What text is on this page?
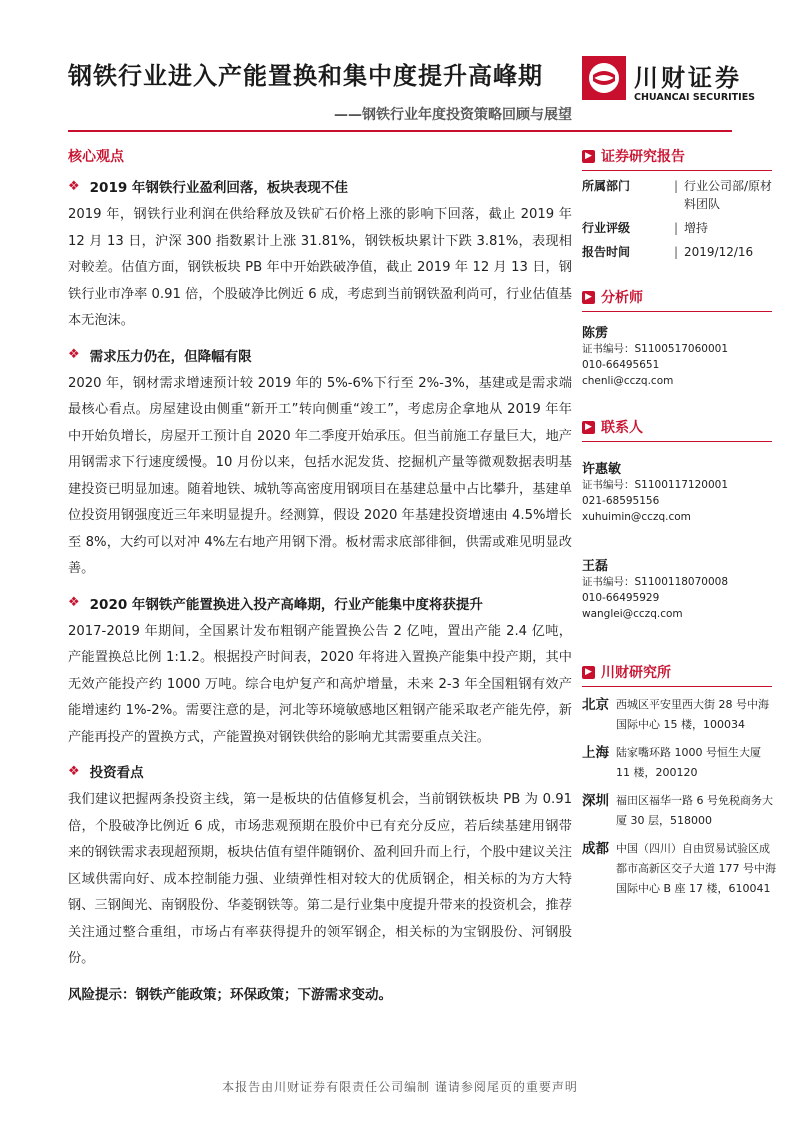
钢铁行业进入产能置换和集中度提升高峰期
——钢铁行业年度投资策略回顾与展望
川财证券
CHUANCAI SECURITIES
核心观点
❖ 2019 年钢铁行业盈利回落，板块表现不佳

2019 年，钢铁行业利润在供给释放及铁矿石价格上涨的影响下回落，截止 2019 年 12 月 13 日，沪深 300 指数累计上涨 31.81%，钢铁板块累计下跌 3.81%，表现相对較差。估值方面，钢铁板块 PB 年中开始跌破净值，截止 2019 年 12 月 13 日，钢铁行业市净率 0.91 倍，个股破净比例近 6 成，考虑到当前钢铁盈利尚可，行业估值基本无泡沫。

❖ 需求压力仍在，但降幅有限

2020 年，钢材需求增速预计较 2019 年的 5%-6%下行至 2%-3%，基建或是需求端最核心看点。房屋建设由侧重“新开工”转向侧重“竣工”，考虑房企拿地从 2019 年年中开始负增长，房屋开工预计自 2020 年二季度开始承压。但当前施工存量巨大，地产用钢需求下行速度缓慢。10 月份以来，包括水泥发货、挖掘机产量等微观数据表明基建投资已明显加速。随着地铁、城轨等高密度用钢项目在基建总量中占比攀升，基建单位投资用钢强度近三年来明显提升。经测算，假设 2020 年基建投资增速由 4.5%增长至 8%，大约可以对冲 4%左右地产用钢下滑。板材需求底部徘徊，供需或难见明显改善。

❖ 2020 年钢铁产能置换进入投产高峰期，行业产能集中度将获提升

2017-2019 年期间，全国累计发布粗钢产能置换公告 2 亿吨，置出产能 2.4 亿吨，产能置换总比例 1:1.2。根据投产时间表，2020 年将进入置换产能集中投产期，其中无效产能投产约 1000 万吨。综合电炉复产和高炉增量，未来 2-3 年全国粗钢有效产能增速约 1%-2%。需要注意的是，河北等环境敏感地区粗钢产能采取老产能先停，新产能再投产的置换方式，产能置换对钢铁供给的影响尤其需要重点关注。

❖ 投资看点

我们建议把握两条投资主线，第一是板块的估值修复机会，当前钢铁板块 PB 为 0.91 倍，个股破净比例近 6 成，市场悲观预期在股价中已有充分反应，若后续基建用钢带来的钢铁需求表现超预期，板块估值有望伴随钢价、盈利回升而上行，个股中建议关注区域供需向好、成本控制能力强、业绩弹性相对较大的优质钢企，相关标的为方大特钢、三钢闽光、南钢股份、华菱钢铁等。第二是行业集中度提升带来的投资机会，推荐关注通过整合重组，市场占有率获得提升的领军钢企，相关标的为宝钢股份、河钢股份。

风险提示：钢铁产能政策；环保政策；下游需求变动。
▶ 证券研究报告
所属部门	| 行业公司部/原材料团队
行业评级	| 增持
报告时间	| 2019/12/16
▶ 分析师
陈雳
证书编号：S1100517060001
010-66495651
chenli@cczq.com
▶ 联系人
许惠敏
证书编号：S1100117120001
021-68595156
xuhuimin@cczq.com
王磊
证书编号：S1100118070008
010-66495929
wanglei@cczq.com
▶ 川财研究所
北京 西城区平安里西大街 28 号中海国际中心 15 楼，100034
上海 陆家嘴环路 1000 号恒生大厦 11 楼，200120
深圳 福田区福华一路 6 号免税商务大厦 30 层，518000
成都 中国（四川）自由贸易试验区成都市高新区交子大道 177 号中海国际中心 B 座 17 楼，610041
本报告由川财证券有限责任公司编制 谨请参阅尾页的重要声明
